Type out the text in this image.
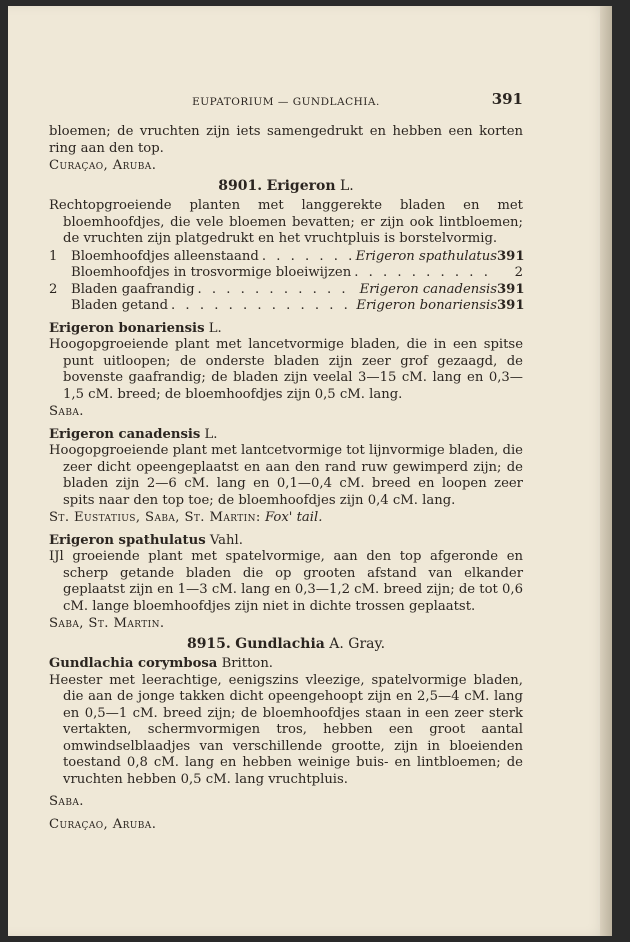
EUPATORIUM — GUNDLACHIA.	391

bloemen; de vruchten zijn iets samengedrukt en hebben een korten ring aan den top.

Curaçao, Aruba.

8901. Erigeron L.

Rechtopgroeiende planten met langgerekte bladen en met bloemhoofdjes, die vele bloemen bevatten; er zijn ook lintbloemen; de vruchten zijn platgedrukt en het vruchtpluis is borstelvormig.

1	Bloemhoofdjes alleenstaand . . .	Erigeron spathulatus 391
Bloemhoofdjes in trosvormige bloeiwijzen . . .	2
2	Bladen gaafrandig . . .	Erigeron canadensis 391
Bladen getand . . .	Erigeron bonariensis 391

Erigeron bonariensis L.

Hoogopgroeiende plant met lancetvormige bladen, die in een spitse punt uitloopen; de onderste bladen zijn zeer grof gezaagd, de bovenste gaafrandig; de bladen zijn veelal 3—15 cM. lang en 0,3—1,5 cM. breed; de bloemhoofdjes zijn 0,5 cM. lang.

Saba.

Erigeron canadensis L.

Hoogopgroeiende plant met lantcetvormige tot lijnvormige bladen, die zeer dicht opeengeplaatst en aan den rand ruw gewimperd zijn; de bladen zijn 2—6 cM. lang en 0,1—0,4 cM. breed en loopen zeer spits naar den top toe; de bloemhoofdjes zijn 0,4 cM. lang.

St. Eustatius, Saba, St. Martin: Fox' tail.

Erigeron spathulatus Vahl.

IJl groeiende plant met spatelvormige, aan den top afgeronde en scherp getande bladen die op grooten afstand van elkander geplaatst zijn en 1—3 cM. lang en 0,3—1,2 cM. breed zijn; de tot 0,6 cM. lange bloemhoofdjes zijn niet in dichte trossen geplaatst.

Saba, St. Martin.

8915. Gundlachia A. Gray.

Gundlachia corymbosa Britton.

Heester met leerachtige, eenigszins vleezige, spatelvormige bladen, die aan de jonge takken dicht opeengehoopt zijn en 2,5—4 cM. lang en 0,5—1 cM. breed zijn; de bloemhoofdjes staan in een zeer sterk vertakten, schermvormigen tros, hebben een groot aantal omwindselblaadjes van verschillende grootte, zijn in bloeienden toestand 0,8 cM. lang en hebben weinige buis- en lintbloemen; de vruchten hebben 0,5 cM. lang vruchtpluis.

Saba.

Curaçao, Aruba.
